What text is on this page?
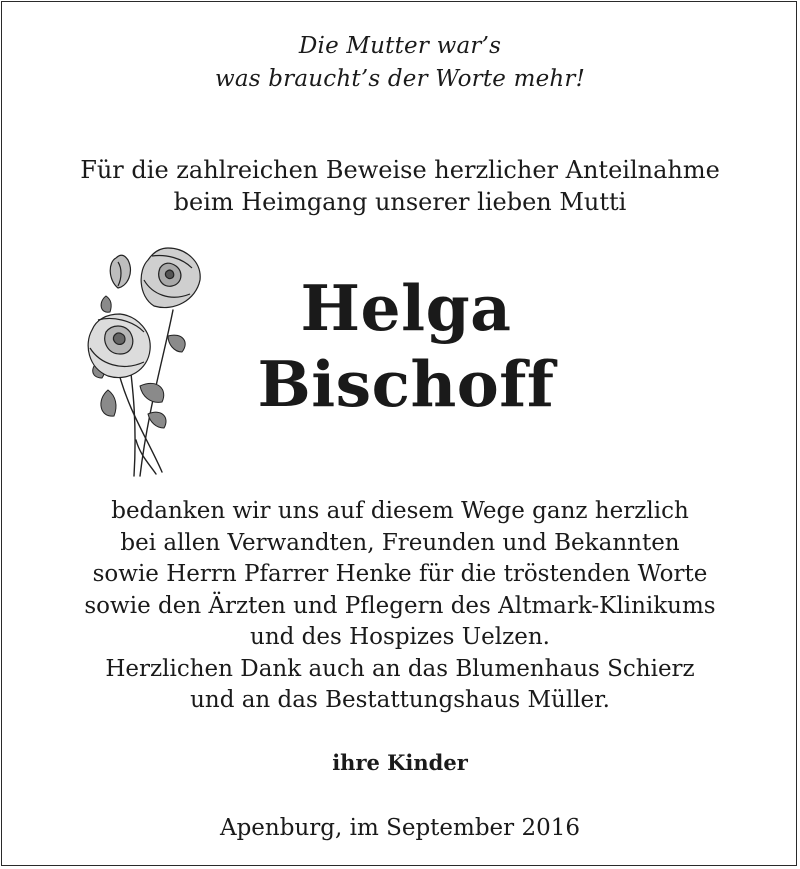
Die Mutter war’s
was braucht’s der Worte mehr!
Für die zahlreichen Beweise herzlicher Anteilnahme
beim Heimgang unserer lieben Mutti
Helga
Bischoff
bedanken wir uns auf diesem Wege ganz herzlich
bei allen Verwandten, Freunden und Bekannten
sowie Herrn Pfarrer Henke für die tröstenden Worte
sowie den Ärzten und Pflegern des Altmark-Klinikums
und des Hospizes Uelzen.
Herzlichen Dank auch an das Blumenhaus Schierz
und an das Bestattungshaus Müller.
ihre Kinder
Apenburg, im September 2016
